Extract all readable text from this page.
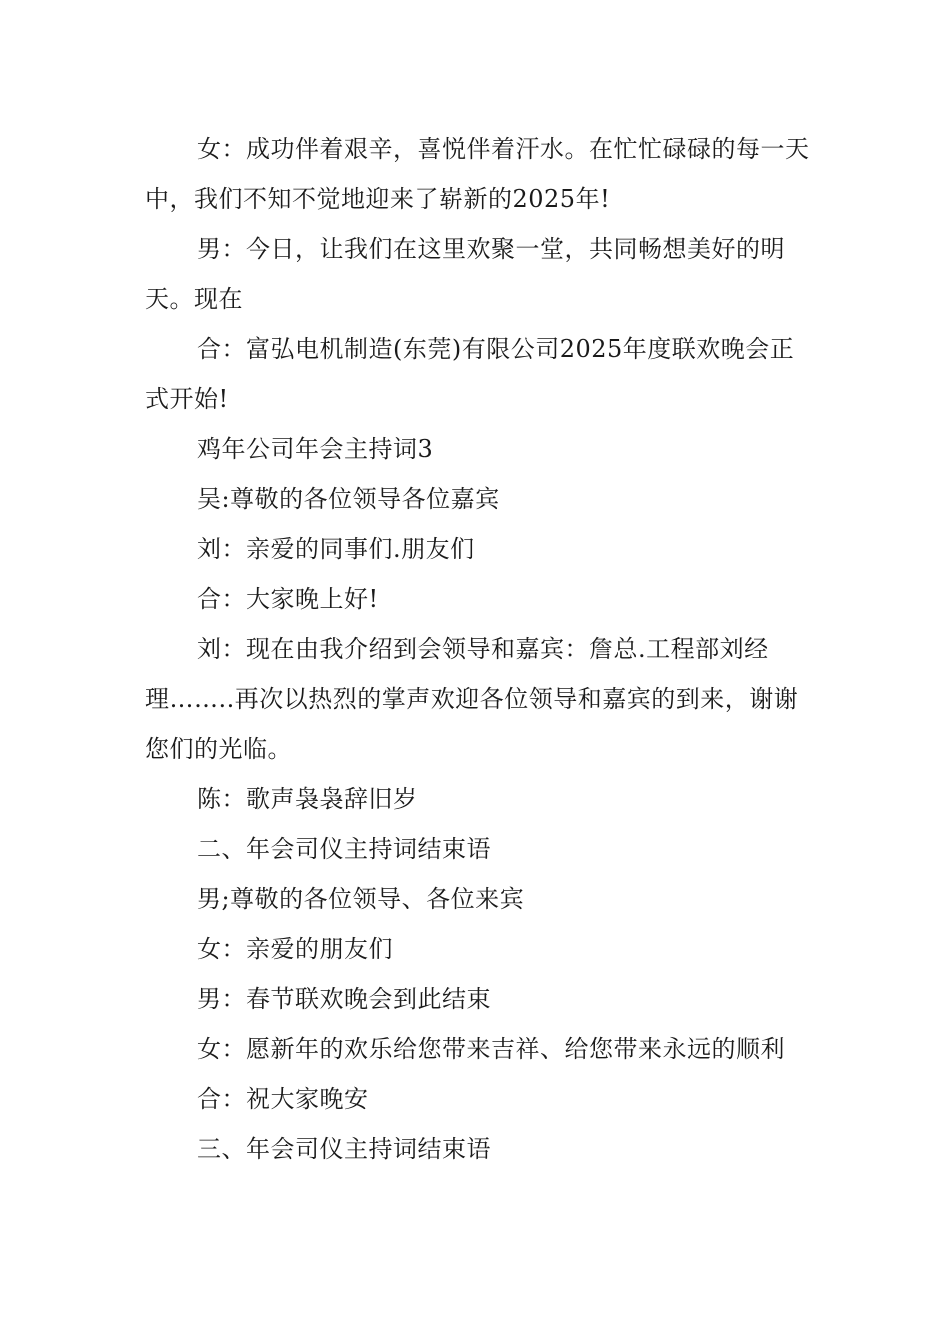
女：成功伴着艰辛，喜悦伴着汗水。在忙忙碌碌的每一天中，我们不知不觉地迎来了崭新的2025年!

男：今日，让我们在这里欢聚一堂，共同畅想美好的明天。现在

合：富弘电机制造(东莞)有限公司2025年度联欢晚会正式开始!

鸡年公司年会主持词3

吴:尊敬的各位领导各位嘉宾

刘：亲爱的同事们.朋友们

合：大家晚上好!

刘：现在由我介绍到会领导和嘉宾：詹总.工程部刘经理……..再次以热烈的掌声欢迎各位领导和嘉宾的到来，谢谢您们的光临。

陈：歌声袅袅辞旧岁

二、年会司仪主持词结束语

男;尊敬的各位领导、各位来宾

女：亲爱的朋友们

男：春节联欢晚会到此结束

女：愿新年的欢乐给您带来吉祥、给您带来永远的顺利

合：祝大家晚安

三、年会司仪主持词结束语
